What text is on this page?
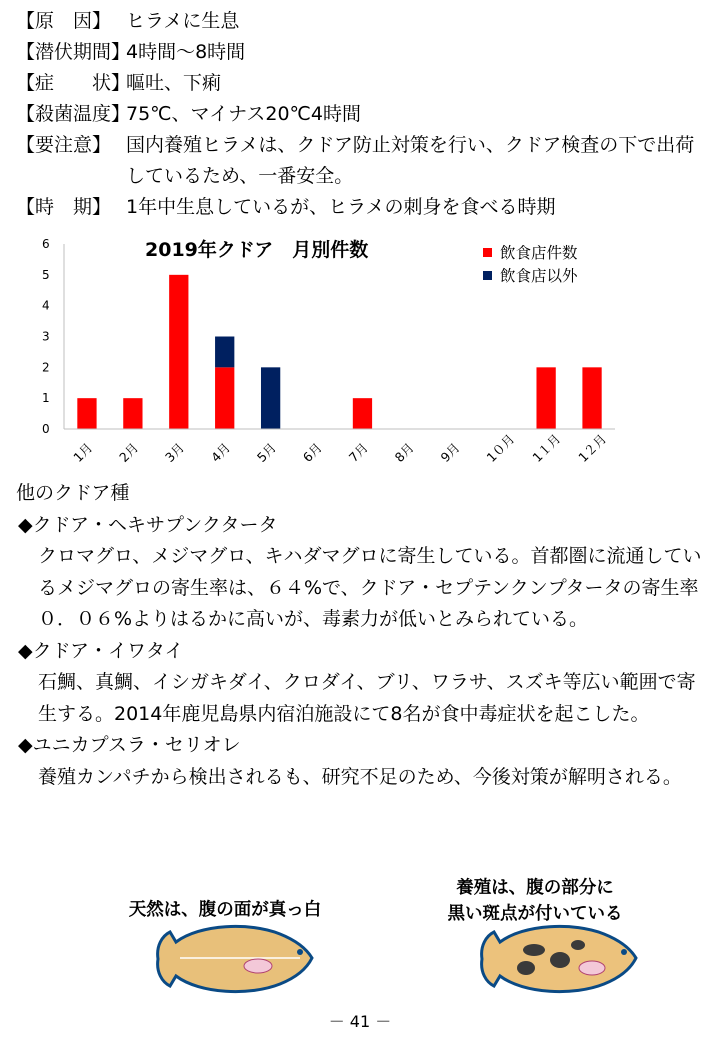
【原　因】 ヒラメに生息
【潜伏期間】
4時間～8時間
【症　　状】
嘔吐、下痢
【殺菌温度】
75℃、マイナス20℃4時間
【要注意】 国内養殖ヒラメは、クドア防止対策を行い、クドア検査の下で出荷しているため、一番安全。
【時　期】 1年中生息しているが、ヒラメの刺身を食べる時期
0
1
2
3
4
5
6
1月 2月 3月 4月 5月 6月 7月 8月 9月 1０月 1１月 1２月
2019年クドア　月別件数	飲食店件数
飲食店以外
他のクドア種
◆クドア・ヘキサプンクタータ
クロマグロ、メジマグロ、キハダマグロに寄生している。首都圏に流通しているメジマグロの寄生率は、６４%で、クドア・セプテンクンプタータの寄生率０．０６%よりはるかに高いが、毒素力が低いとみられている。
◆クドア・イワタイ
石鯛、真鯛、イシガキダイ、クロダイ、ブリ、ワラサ、スズキ等広い範囲で寄生する。2014年鹿児島県内宿泊施設にて8名が食中毒症状を起こした。
◆ユニカプスラ・セリオレ
養殖カンパチから検出されるも、研究不足のため、今後対策が解明される。
天然は、腹の面が真っ白
養殖は、腹の部分に
黒い斑点が付いている
－ 41 －
